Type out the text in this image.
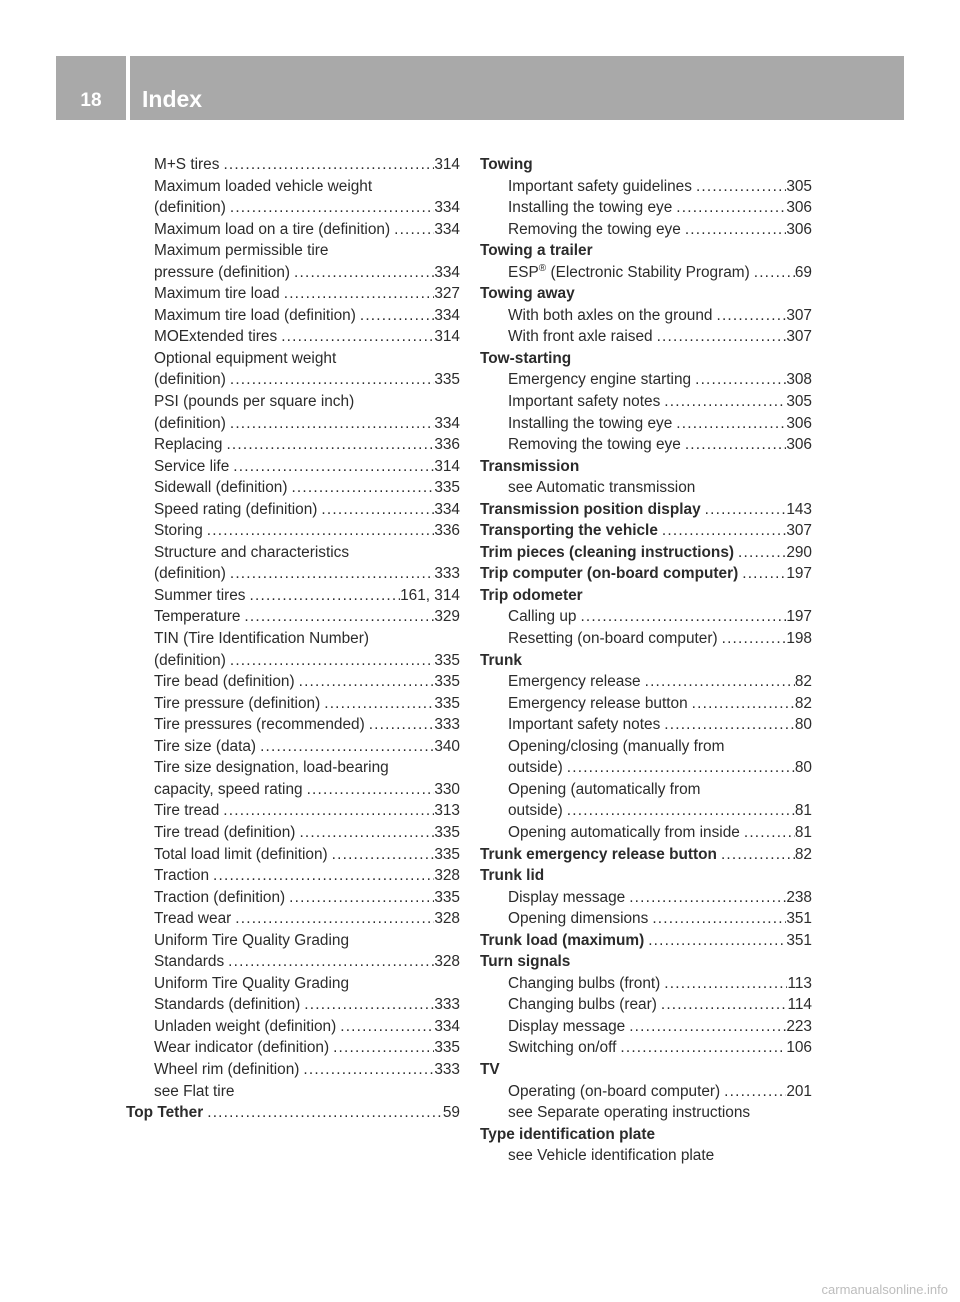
18	Index
M+S tires .....	314
Maximum loaded vehicle weight
(definition) .....	334
Maximum load on a tire (definition) .....	334
Maximum permissible tire
pressure (definition) .....	334
Maximum tire load .....	327
Maximum tire load (definition) .....	334
MOExtended tires .....	314
Optional equipment weight
(definition) .....	335
PSI (pounds per square inch)
(definition) .....	334
Replacing .....	336
Service life .....	314
Sidewall (definition) .....	335
Speed rating (definition) .....	334
Storing .....	336
Structure and characteristics
(definition) .....	333
Summer tires .....	161, 314
Temperature .....	329
TIN (Tire Identification Number)
(definition) .....	335
Tire bead (definition) .....	335
Tire pressure (definition) .....	335
Tire pressures (recommended) .....	333
Tire size (data) .....	340
Tire size designation, load-bearing
capacity, speed rating .....	330
Tire tread .....	313
Tire tread (definition) .....	335
Total load limit (definition) .....	335
Traction .....	328
Traction (definition) .....	335
Tread wear .....	328
Uniform Tire Quality Grading
Standards .....	328
Uniform Tire Quality Grading
Standards (definition) .....	333
Unladen weight (definition) .....	334
Wear indicator (definition) .....	335
Wheel rim (definition) .....	333
see Flat tire
Top Tether .....	59
Towing
Important safety guidelines .....	305
Installing the towing eye .....	306
Removing the towing eye .....	306
Towing a trailer
ESP® (Electronic Stability Program) .....	69
Towing away
With both axles on the ground .....	307
With front axle raised .....	307
Tow-starting
Emergency engine starting .....	308
Important safety notes .....	305
Installing the towing eye .....	306
Removing the towing eye .....	306
Transmission
see Automatic transmission
Transmission position display .....	143
Transporting the vehicle .....	307
Trim pieces (cleaning instructions) .....	290
Trip computer (on-board computer) .....	197
Trip odometer
Calling up .....	197
Resetting (on-board computer) .....	198
Trunk
Emergency release .....	82
Emergency release button .....	82
Important safety notes .....	80
Opening/closing (manually from
outside) .....	80
Opening (automatically from
outside) .....	81
Opening automatically from inside .....	81
Trunk emergency release button .....	82
Trunk lid
Display message .....	238
Opening dimensions .....	351
Trunk load (maximum) .....	351
Turn signals
Changing bulbs (front) .....	113
Changing bulbs (rear) .....	114
Display message .....	223
Switching on/off .....	106
TV
Operating (on-board computer) .....	201
see Separate operating instructions
Type identification plate
see Vehicle identification plate
carmanualsonline.info
